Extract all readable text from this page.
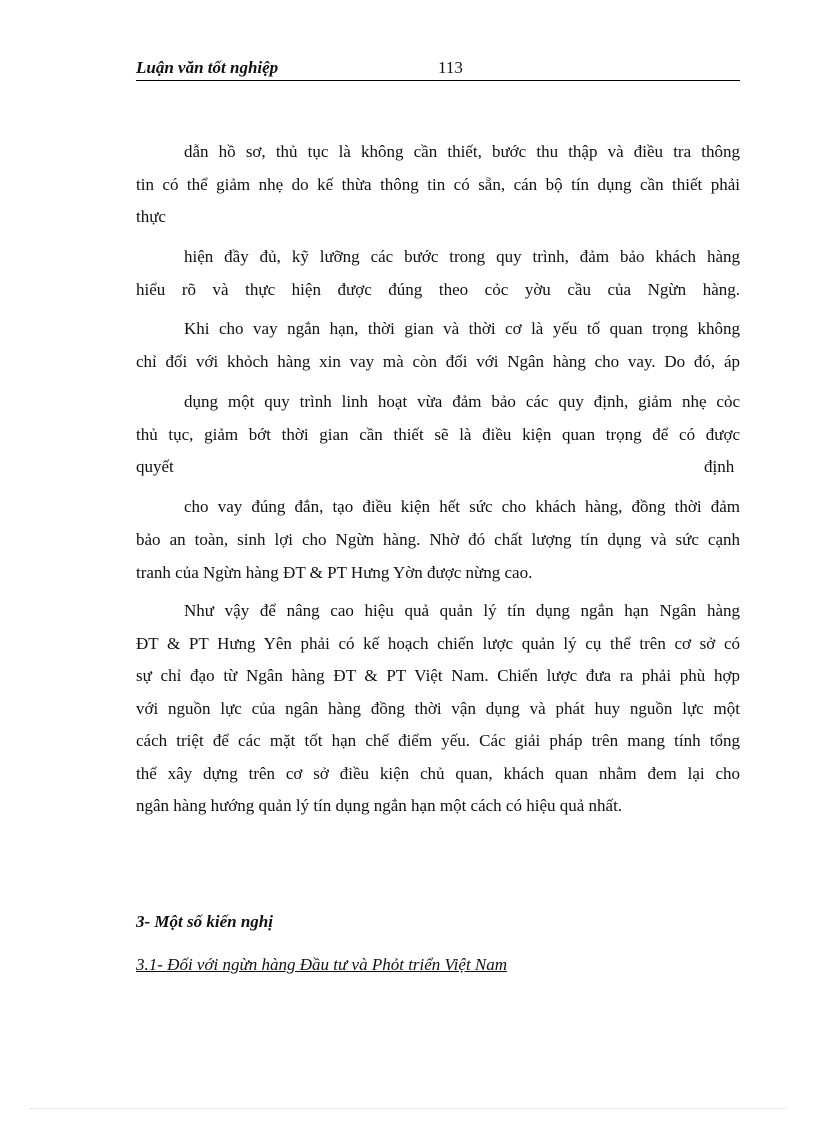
Luận văn tốt nghiệp	113
dẫn hồ sơ, thủ tục là không cần thiết, bước thu thập và điều tra thông
tin có thể giảm nhẹ do kế thừa thông tin có sẵn, cán bộ tín dụng cần thiết phải
thực
hiện đầy đủ, kỹ lưỡng các bước trong quy trình, đảm bảo khách hàng
hiểu rõ và thực hiện được đúng theo cỏc yờu cầu của Ngừn hàng.
Khi cho vay ngắn hạn, thời gian và thời cơ là yếu tố quan trọng không
chỉ đối với khỏch hàng xin vay mà còn đối với Ngân hàng cho vay. Do đó, áp
dụng một quy trình linh hoạt vừa đảm bảo các quy định, giảm nhẹ cỏc
thủ tục, giảm bớt thời gian cần thiết sẽ là điều kiện quan trọng để có được
quyết	định
cho vay đúng đắn, tạo điều kiện hết sức cho khách hàng, đồng thời đảm
bảo an toàn, sinh lợi cho Ngừn hàng. Nhờ đó chất lượng tín dụng và sức cạnh
tranh của Ngừn hàng ĐT & PT Hưng Yờn được nừng cao.
Như vậy để nâng cao hiệu quả quản lý tín dụng ngắn hạn Ngân hàng
ĐT & PT Hưng Yên phải có kế hoạch chiến lược quản lý cụ thể trên cơ sở có
sự chỉ đạo từ Ngân hàng ĐT & PT Việt Nam. Chiến lược đưa ra phải phù hợp
với nguồn lực của ngân hàng đồng thời vận dụng và phát huy nguồn lực một
cách triệt để các mặt tốt hạn chế điểm yếu. Các giải pháp trên mang tính tổng
thể xây dựng trên cơ sở điều kiện chủ quan, khách quan nhằm đem lại cho
ngân hàng hướng quản lý tín dụng ngắn hạn một cách có hiệu quả nhất.
3- Một số kiến nghị
3.1- Đối với ngừn hàng Đầu tư và Phỏt triển Việt Nam
